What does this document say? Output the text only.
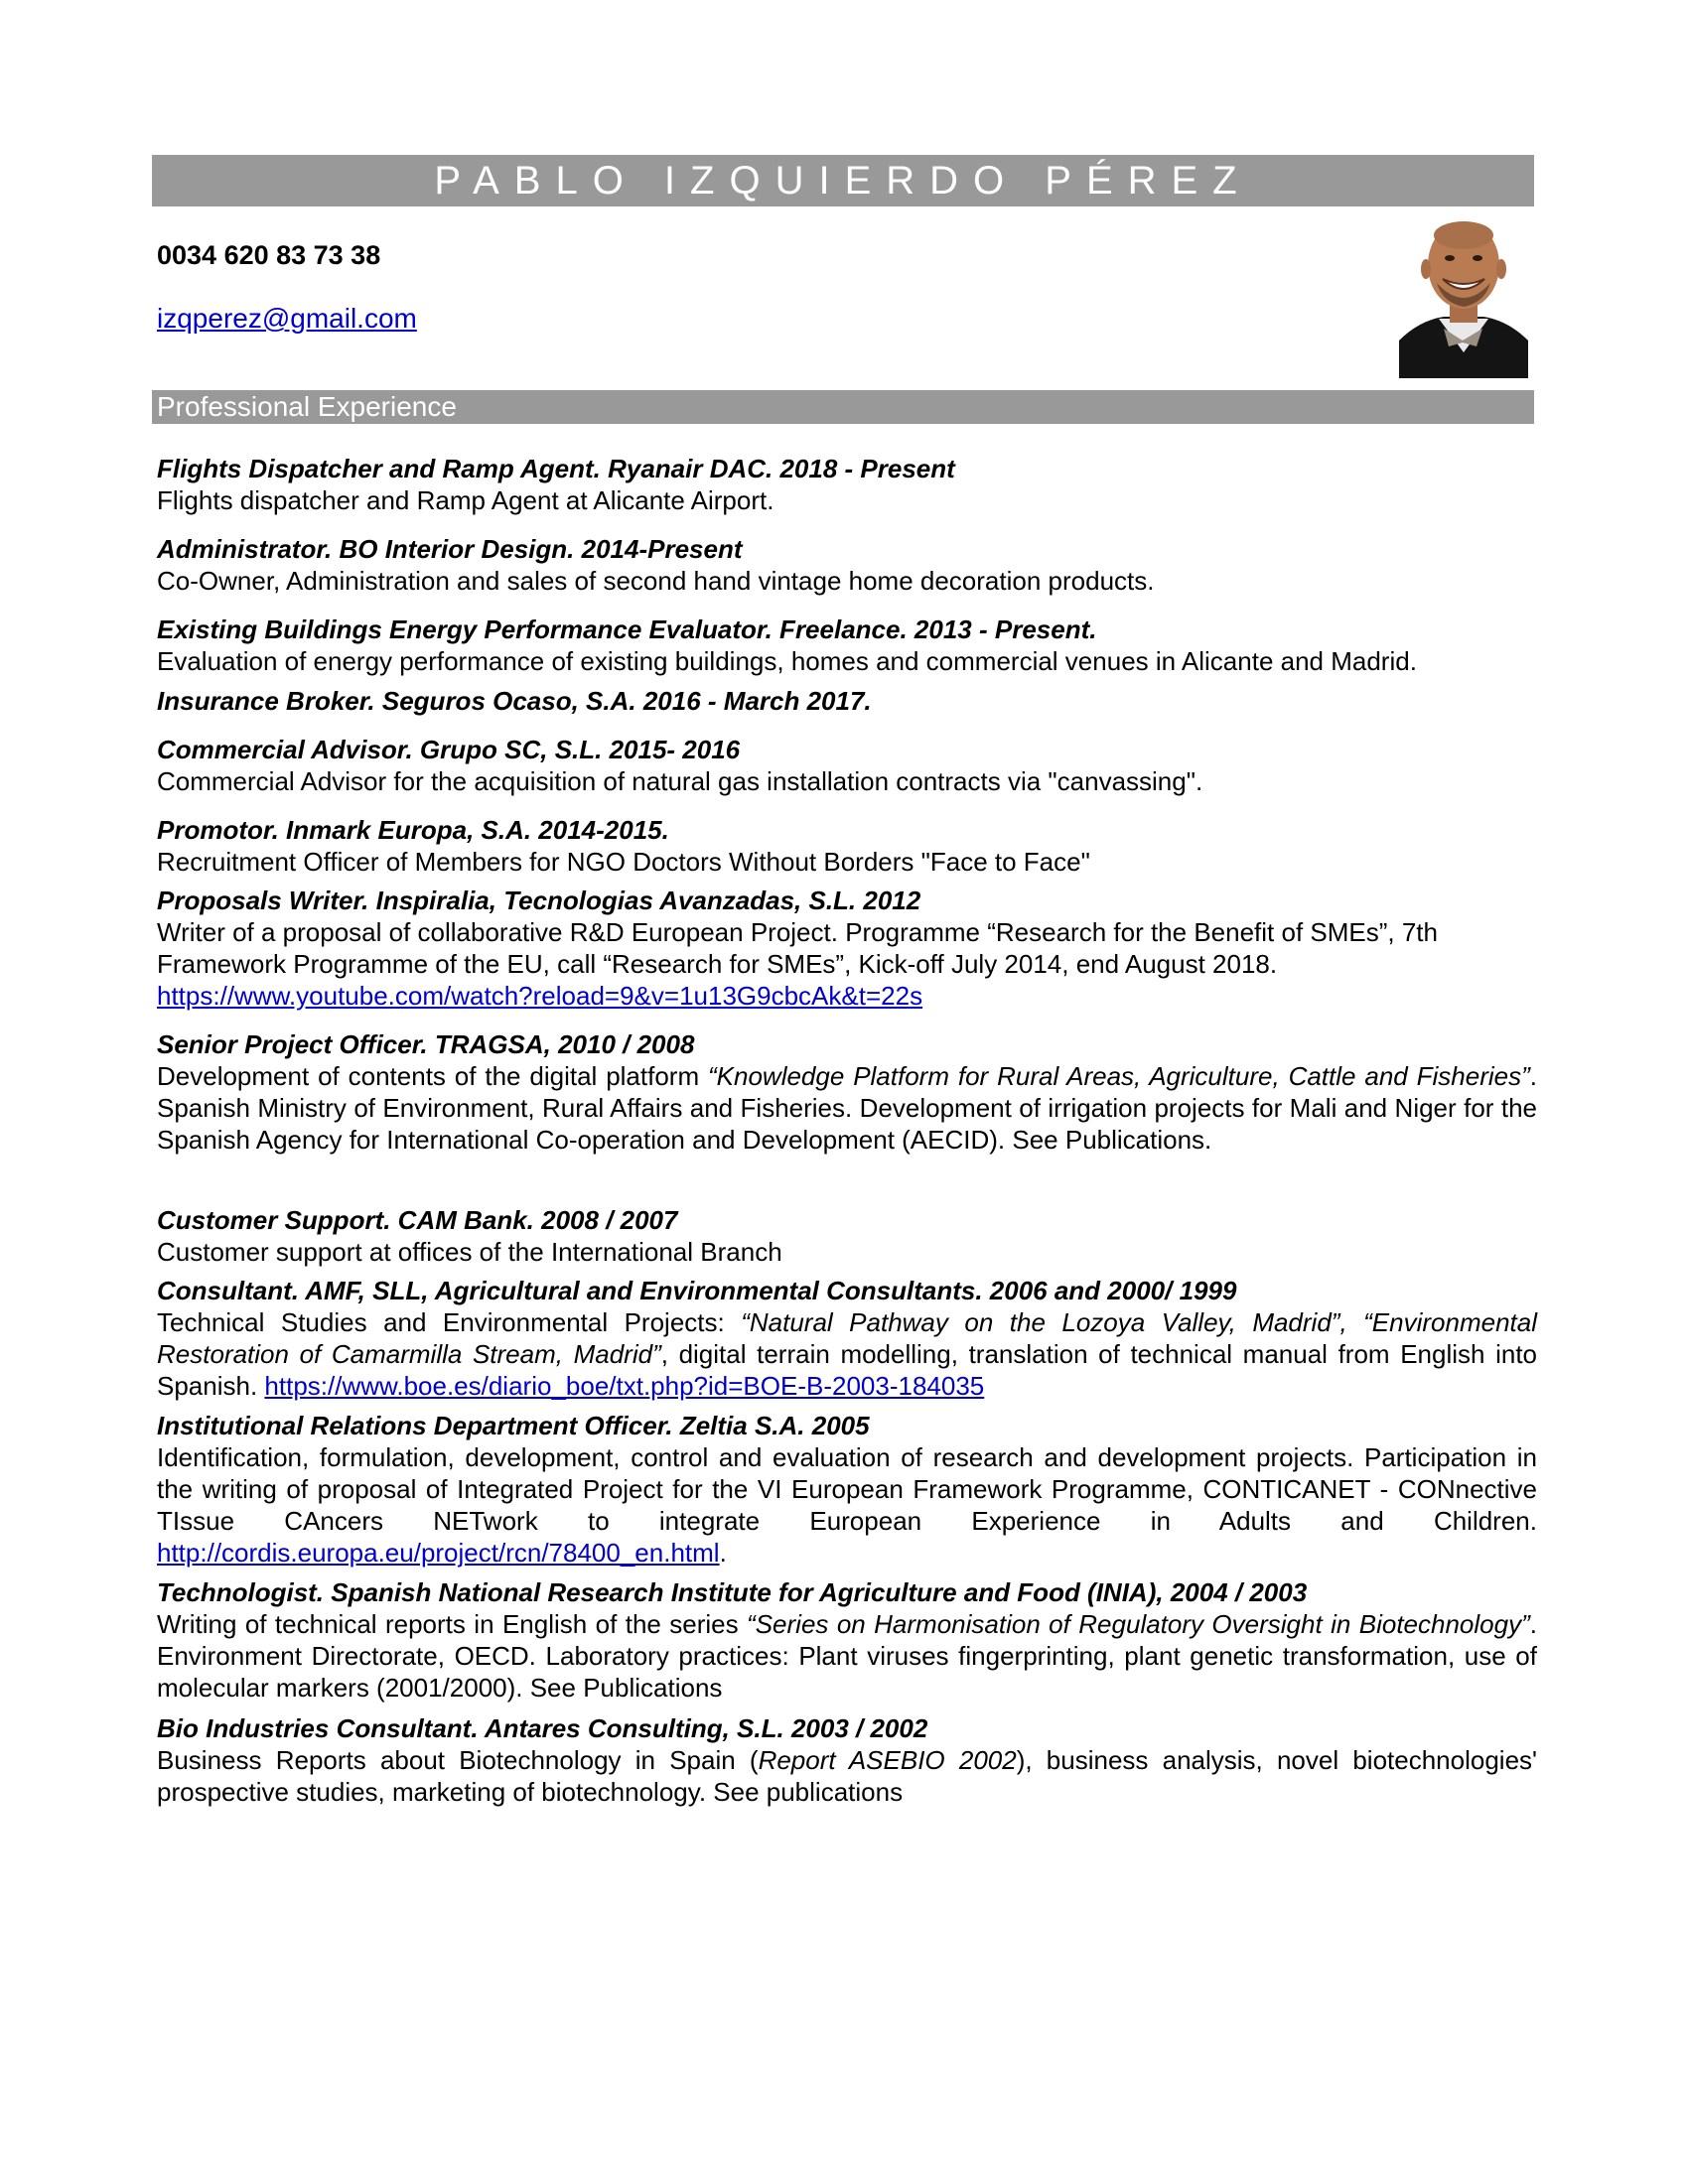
PABLO IZQUIERDO PÉREZ
0034 620 83 73 38
izqperez@gmail.com
Professional Experience
Flights Dispatcher and Ramp Agent. Ryanair DAC. 2018 - Present
Flights dispatcher and Ramp Agent at Alicante Airport.
Administrator. BO Interior Design. 2014-Present
Co-Owner, Administration and sales of second hand vintage home decoration products.
Existing Buildings Energy Performance Evaluator. Freelance. 2013 - Present.
Evaluation of energy performance of existing buildings, homes and commercial venues in Alicante and Madrid.
Insurance Broker. Seguros Ocaso, S.A. 2016 - March 2017.
Commercial Advisor. Grupo SC, S.L. 2015- 2016
Commercial Advisor for the acquisition of natural gas installation contracts via "canvassing".
Promotor. Inmark Europa, S.A. 2014-2015.
Recruitment Officer of Members for NGO Doctors Without Borders "Face to Face"
Proposals Writer. Inspiralia, Tecnologias Avanzadas, S.L. 2012
Writer of a proposal of collaborative R&D European Project. Programme “Research for the Benefit of SMEs”, 7th Framework Programme of the EU, call “Research for SMEs”, Kick-off July 2014, end August 2018.
https://www.youtube.com/watch?reload=9&v=1u13G9cbcAk&t=22s
Senior Project Officer. TRAGSA, 2010 / 2008
Development of contents of the digital platform “Knowledge Platform for Rural Areas, Agriculture, Cattle and Fisheries”. Spanish Ministry of Environment, Rural Affairs and Fisheries. Development of irrigation projects for Mali and Niger for the Spanish Agency for International Co-operation and Development (AECID). See Publications.
Customer Support. CAM Bank. 2008 / 2007
Customer support at offices of the International Branch
Consultant. AMF, SLL, Agricultural and Environmental Consultants. 2006 and 2000/ 1999
Technical Studies and Environmental Projects: “Natural Pathway on the Lozoya Valley, Madrid”, “Environmental Restoration of Camarmilla Stream, Madrid”, digital terrain modelling, translation of technical manual from English into Spanish. https://www.boe.es/diario_boe/txt.php?id=BOE-B-2003-184035
Institutional Relations Department Officer. Zeltia S.A. 2005
Identification, formulation, development, control and evaluation of research and development projects. Participation in the writing of proposal of Integrated Project for the VI European Framework Programme, CONTICANET - CONnective TIssue CAncers NETwork to integrate European Experience in Adults and Children. http://cordis.europa.eu/project/rcn/78400_en.html.
Technologist. Spanish National Research Institute for Agriculture and Food (INIA), 2004 / 2003
Writing of technical reports in English of the series “Series on Harmonisation of Regulatory Oversight in Biotechnology”. Environment Directorate, OECD. Laboratory practices: Plant viruses fingerprinting, plant genetic transformation, use of molecular markers (2001/2000). See Publications
Bio Industries Consultant. Antares Consulting, S.L. 2003 / 2002
Business Reports about Biotechnology in Spain (Report ASEBIO 2002), business analysis, novel biotechnologies' prospective studies, marketing of biotechnology. See publications
